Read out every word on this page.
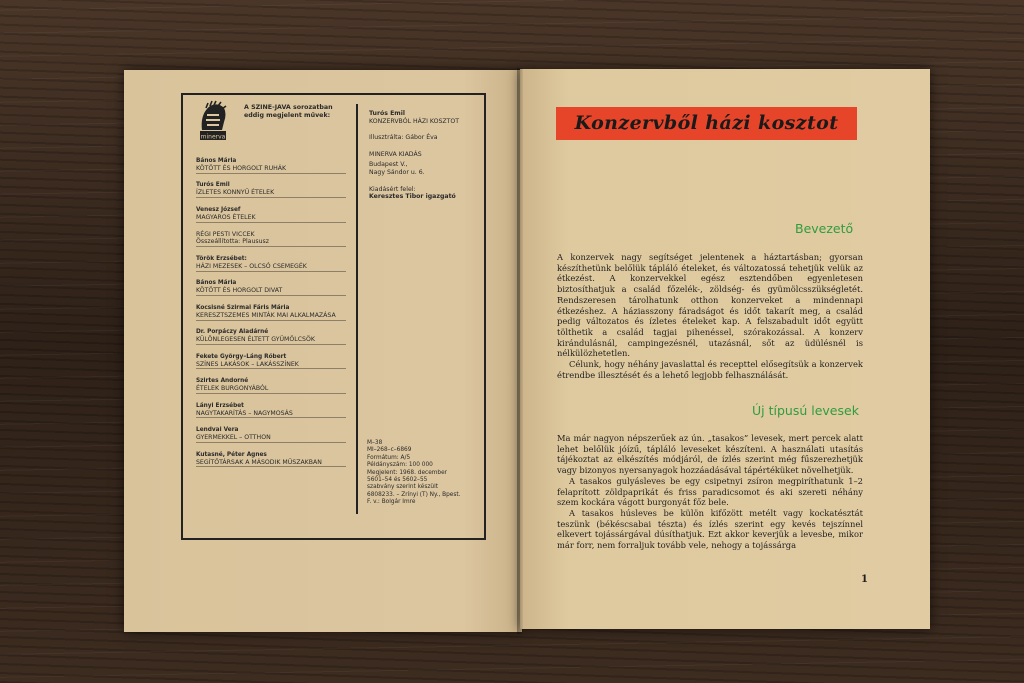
minerva
A SZINE-JAVA sorozatban eddig megjelent művek:
Bános Mária
KÖTÖTT ÉS HORGOLT RUHÁK
Turós Emil
ÍZLETES KONNYŰ ÉTELEK
Venesz József
MAGYAROS ÉTELEK
RÉGI PESTI VICCEK
Összeállította: Plaususz
Török Erzsébet:
HÁZI MEZESEK – OLCSÓ CSEMEGÉK
Bános Mária
KÖTÖTT ÉS HORGOLT DIVAT
Kocsisné Szirmai Fáris Mária
KERESZTSZEMES MINTÁK MAI ALKALMAZÁSA
Dr. Porpáczy Aladárné
KÜLÖNLEGESEN ÉLTETT GYÜMÖLCSÖK
Fekete György–Láng Róbert
SZÍNES LAKÁSOK – LAKÁSSZÍNEK
Szirtes Andorné
ÉTELEK BURGONYÁBÓL
Lányi Erzsébet
NAGYTAKARÍTÁS – NAGYMOSÁS
Lendvai Vera
GYERMEKKEL – OTTHON
Kutasné, Péter Agnes
SEGÍTŐTÁRSAK A MÁSODIK MŰSZAKBAN
Turós Emil
KONZERVBÓL HÁZI KOSZTOT
Illusztrálta: Gábor Éva
MINERVA KIADÁS
Budapest V.,
Nagy Sándor u. 6.
Kiadásért felel:
Keresztes Tibor igazgató
M–38
MI–268–c–6869
Formátum: A/5
Példányszám: 100 000
Megjelent: 1968. december
5601–54 és 5602–55
szabvány szerint készült
6808233. – Zrínyi (T) Ny., Bpest.
F. v.: Bolgár Imre
Konzervből házi kosztot
Bevezető

A konzervek nagy segítséget jelentenek a háztartásban; gyorsan készíthetünk belőlük tápláló ételeket, és változatossá tehetjük velük az étkezést. A konzervekkel egész esztendőben egyenletesen biztosíthatjuk a család főzelék-, zöldség- és gyümölcsszükségletét. Rendszeresen tárolhatunk otthon konzerveket a mindennapi étkezéshez. A háziasszony fáradságot és időt takarít meg, a család pedig változatos és ízletes ételeket kap. A felszabadult időt együtt tölthetik a család tagjai pihenéssel, szórakozással. A konzerv kirándulásnál, campingezésnél, utazásnál, sőt az üdülésnél is nélkülözhetetlen.

Célunk, hogy néhány javaslattal és recepttel elősegítsük a konzervek étrendbe illesztését és a lehető legjobb felhasználását.

Új típusú levesek

Ma már nagyon népszerűek az ún. „tasakos” levesek, mert percek alatt lehet belőlük jóízű, tápláló leveseket készíteni. A használati utasítás tájékoztat az elkészítés módjáról, de ízlés szerint még fűszerezhetjük vagy bizonyos nyersanyagok hozzáadásával tápértéküket növelhetjük.

A tasakos gulyásleves be egy csipetnyi zsíron megpiríthatunk 1–2 felaprított zöldpaprikát és friss paradicsomot és aki szereti néhány szem kockára vágott burgonyát főz bele.

A tasakos húsleves be külön kifőzött metélt vagy kockatésztát teszünk (békéscsabai tészta) és ízlés szerint egy kevés tejszínnel elkevert tojássárgával dúsíthatjuk. Ezt akkor keverjük a levesbe, mikor már forr, nem forraljuk tovább vele, nehogy a tojássárga

1
